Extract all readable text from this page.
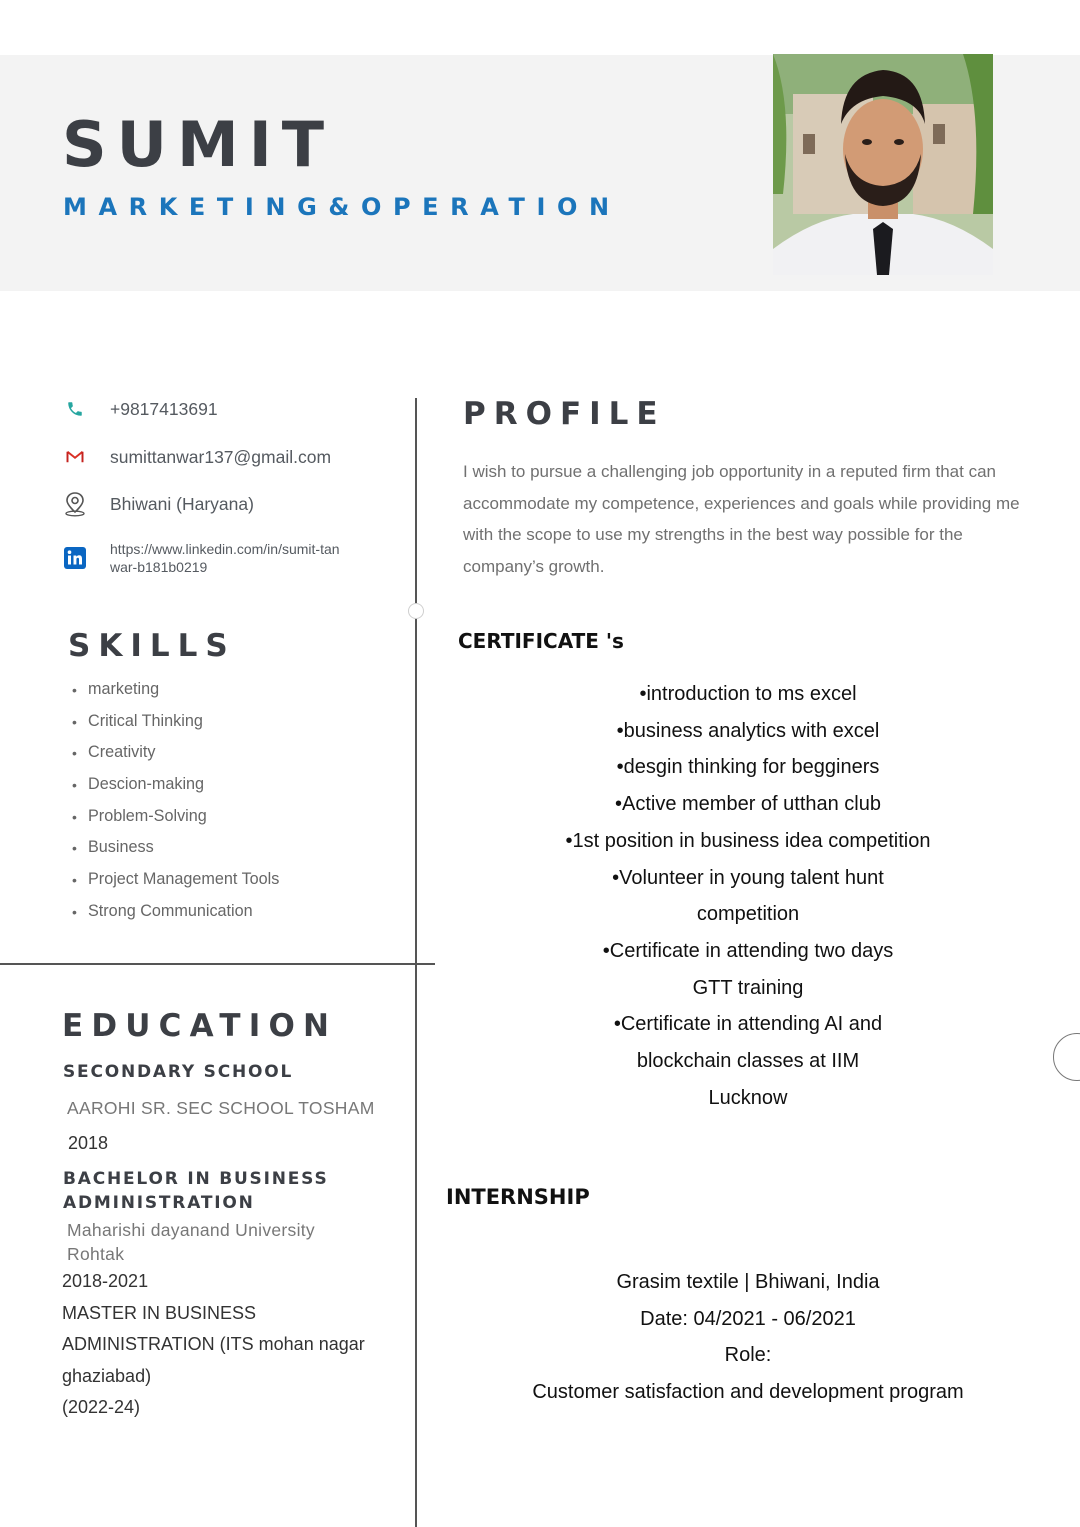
SUMIT
MARKETING&OPERATION
+9817413691
sumittanwar137@gmail.com
Bhiwani (Haryana)
https://www.linkedin.com/in/sumit-tanwar-b181b0219
SKILLS
• marketing
• Critical Thinking
• Creativity
• Descion-making
• Problem-Solving
• Business
• Project Management Tools
• Strong Communication
PROFILE
I wish to pursue a challenging job opportunity in a reputed firm that can accommodate my competence, experiences and goals while providing me with the scope to use my strengths in the best way possible for the company’s growth.
CERTIFICATE 's
•introduction to ms excel
•business analytics with excel
•desgin thinking for begginers
•Active member of utthan club
•1st position in business idea competition
•Volunteer in young talent hunt
competition
•Certificate in attending two days
GTT training
•Certificate in attending AI and
blockchain classes at IIM
Lucknow
INTERNSHIP
Grasim textile | Bhiwani, India
Date: 04/2021 - 06/2021
Role:
Customer satisfaction and development program
EDUCATION
SECONDARY SCHOOL
AAROHI SR. SEC SCHOOL TOSHAM
2018
BACHELOR IN BUSINESS ADMINISTRATION
Maharishi dayanand University Rohtak
2018-2021
MASTER IN BUSINESS
ADMINISTRATION (ITS mohan nagar
ghaziabad)
(2022-24)
